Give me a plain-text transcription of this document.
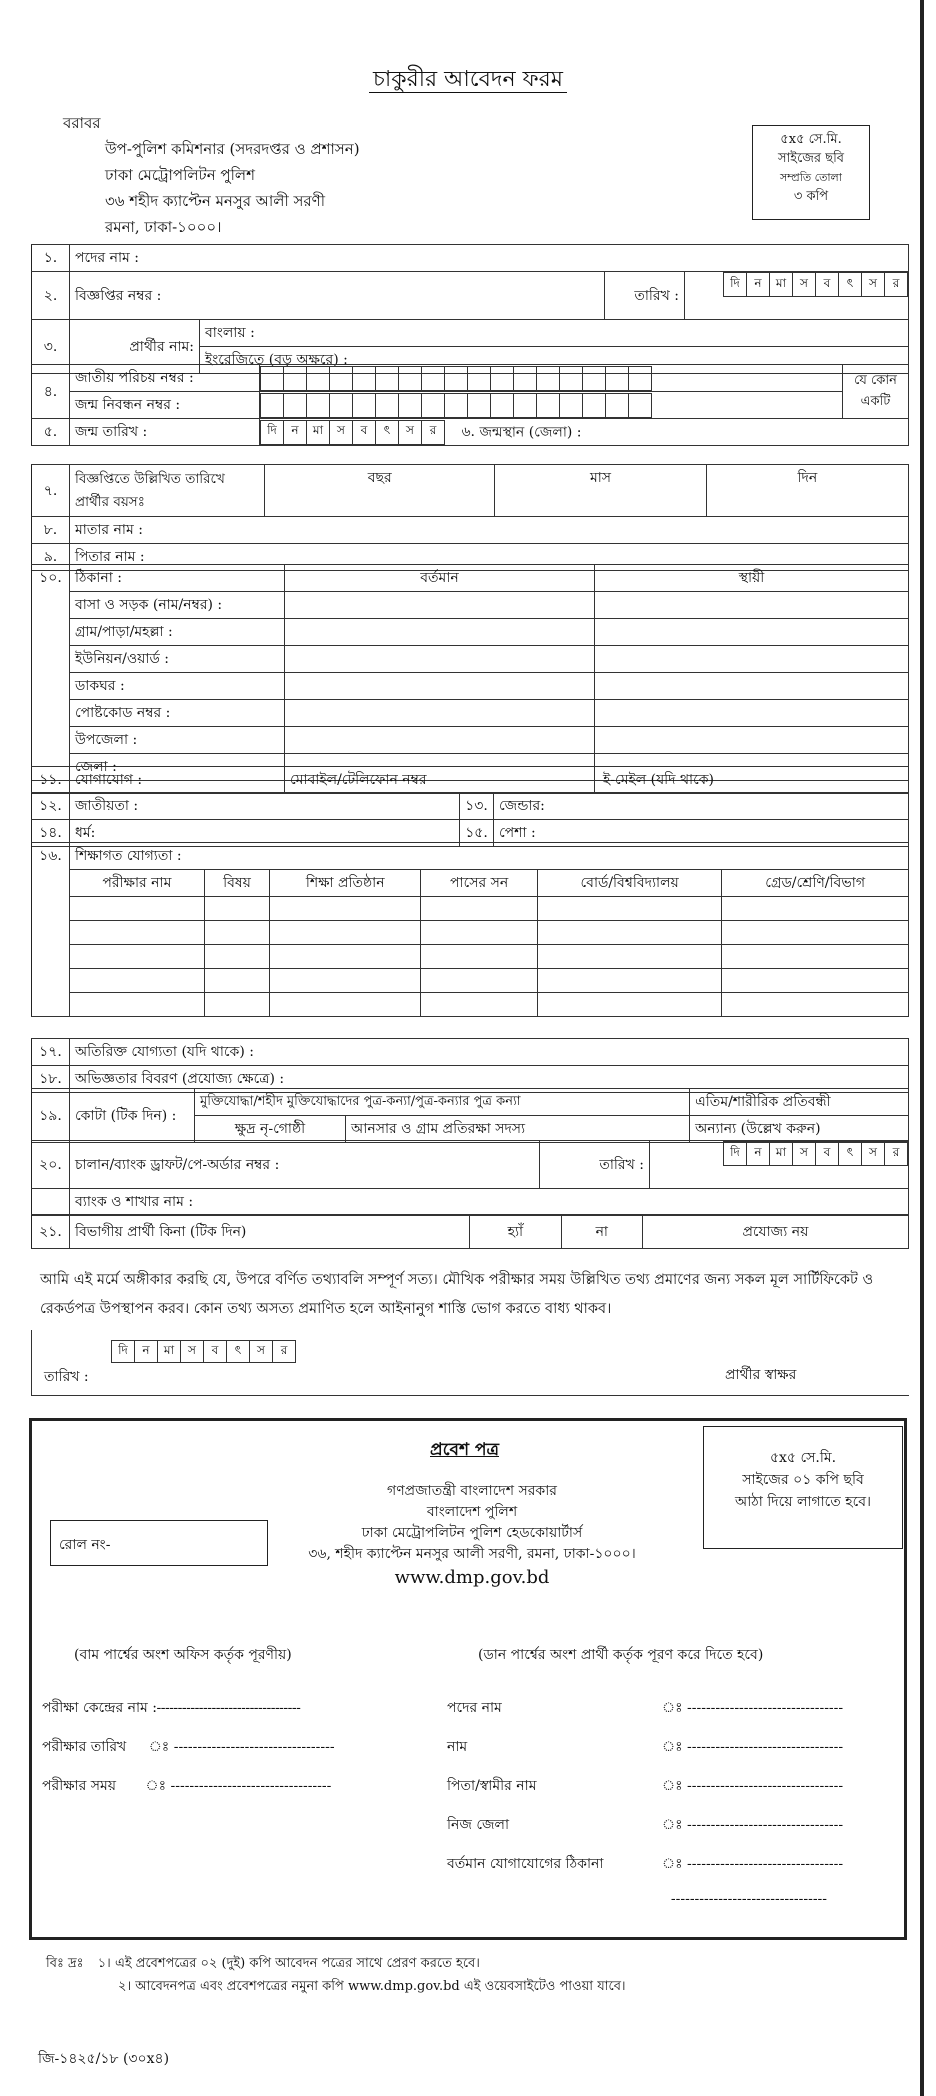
চাকুরীর আবেদন ফরম
বরাবর
উপ-পুলিশ কমিশনার (সদরদপ্তর ও প্রশাসন)
ঢাকা মেট্রোপলিটন পুলিশ
৩৬ শহীদ ক্যাপ্টেন মনসুর আলী সরণী
রমনা, ঢাকা-১০০০।
৫x৫ সে.মি.
সাইজের ছবি
সম্প্রতি তোলা
৩ কপি
১.	পদের নাম :
২.	বিজ্ঞপ্তির নম্বর :	তারিখ :	
দি	ন	মা	স	ব	ৎ	স	র

৩.	প্রার্থীর নাম:	বাংলায় :
ইংরেজিতে (বড় অক্ষরে) :
৪.	জাতীয় পরিচয় নম্বর :																		যে কোন একটি
জন্ম নিবন্ধন নম্বর :	

৫.	জন্ম তারিখ :		দি	ন	মা	স	ব	ৎ	স	র ৬. জন্মস্থান (জেলা) :
৭.	বিজ্ঞপ্তিতে উল্লিখিত তারিখে প্রার্থীর বয়সঃ	বছর	মাস	দিন
৮.	মাতার নাম :			
৯.	পিতার নাম :			
১০.	ঠিকানা :	বর্তমান	স্থায়ী
	বাসা ও সড়ক (নাম/নম্বর) :		
	গ্রাম/পাড়া/মহল্লা :		
	ইউনিয়ন/ওয়ার্ড :		
	ডাকঘর :		
	পোষ্টকোড নম্বর :		
	উপজেলা :		
	জেলা :		
১১.	যোগাযোগ :	মোবাইল/টেলিফোন নম্বর	ই-মেইল (যদি থাকে)
১২.	জাতীয়তা :	১৩.	জেন্ডার:
১৪.	ধর্ম:	১৫.	পেশা :
১৬.	শিক্ষাগত যোগ্যতা :					
	পরীক্ষার নাম	বিষয়	শিক্ষা প্রতিষ্ঠান	পাসের সন	বোর্ড/বিশ্ববিদ্যালয়	গ্রেড/শ্রেণি/বিভাগ

১৭.	অতিরিক্ত যোগ্যতা (যদি থাকে) :
১৮.	অভিজ্ঞতার বিবরণ (প্রযোজ্য ক্ষেত্রে) :
১৯.	কোটা (টিক দিন) :	মুক্তিযোদ্ধা/শহীদ মুক্তিযোদ্ধাদের পুত্র-কন্যা/পুত্র-কন্যার পুত্র কন্যা		এতিম/শারীরিক প্রতিবন্ধী
		ক্ষুদ্র নৃ-গোষ্ঠী	আনসার ও গ্রাম প্রতিরক্ষা সদস্য	অন্যান্য (উল্লেখ করুন)
২০.	চালান/ব্যাংক ড্রাফট/পে-অর্ডার নম্বর :	তারিখ :	
দি	ন	মা	স	ব	ৎ	স	র

	ব্যাংক ও শাখার নাম :
২১.	বিভাগীয় প্রার্থী কিনা (টিক দিন)	হ্যাঁ	না	প্রযোজ্য নয়
আমি এই মর্মে অঙ্গীকার করছি যে, উপরে বর্ণিত তথ্যাবলি সম্পূর্ণ সত্য। মৌখিক পরীক্ষার সময় উল্লিখিত তথ্য প্রমাণের জন্য সকল মূল সার্টিফিকেট ও রেকর্ডপত্র উপস্থাপন করব। কোন তথ্য অসত্য প্রমাণিত হলে আইনানুগ শাস্তি ভোগ করতে বাধ্য থাকব।
তারিখ :
দি	ন	মা	স	ব	ৎ	স	র
প্রার্থীর স্বাক্ষর
প্রবেশ পত্র	৫x৫ সে.মি.
সাইজের ০১ কপি ছবি
আঠা দিয়ে লাগাতে হবে।
রোল নং-
গণপ্রজাতন্ত্রী বাংলাদেশ সরকার
বাংলাদেশ পুলিশ
ঢাকা মেট্রোপলিটন পুলিশ হেডকোয়ার্টার্স
৩৬, শহীদ ক্যাপ্টেন মনসুর আলী সরণী, রমনা, ঢাকা-১০০০।
www.dmp.gov.bd
(বাম পার্শ্বের অংশ অফিস কর্তৃক পূরণীয়)	(ডান পার্শ্বের অংশ প্রার্থী কর্তৃক পূরণ করে দিতে হবে)
পরীক্ষা কেন্দ্রের নাম :----------------------------------
পরীক্ষার তারিখ ঃ ----------------------------------
পরীক্ষার সময় ঃ ----------------------------------
পদের নাম	ঃ ---------------------------------
নাম	ঃ ---------------------------------
পিতা/স্বামীর নাম	ঃ ---------------------------------
নিজ জেলা	ঃ ---------------------------------
বর্তমান যোগাযোগের ঠিকানা	ঃ ---------------------------------
---------------------------------
বিঃ দ্রঃ ১। এই প্রবেশপত্রের ০২ (দুই) কপি আবেদন পত্রের সাথে প্রেরণ করতে হবে।
২। আবেদনপত্র এবং প্রবেশপত্রের নমুনা কপি www.dmp.gov.bd এই ওয়েবসাইটেও পাওয়া যাবে।
জি-১৪২৫/১৮ (৩০x৪)
